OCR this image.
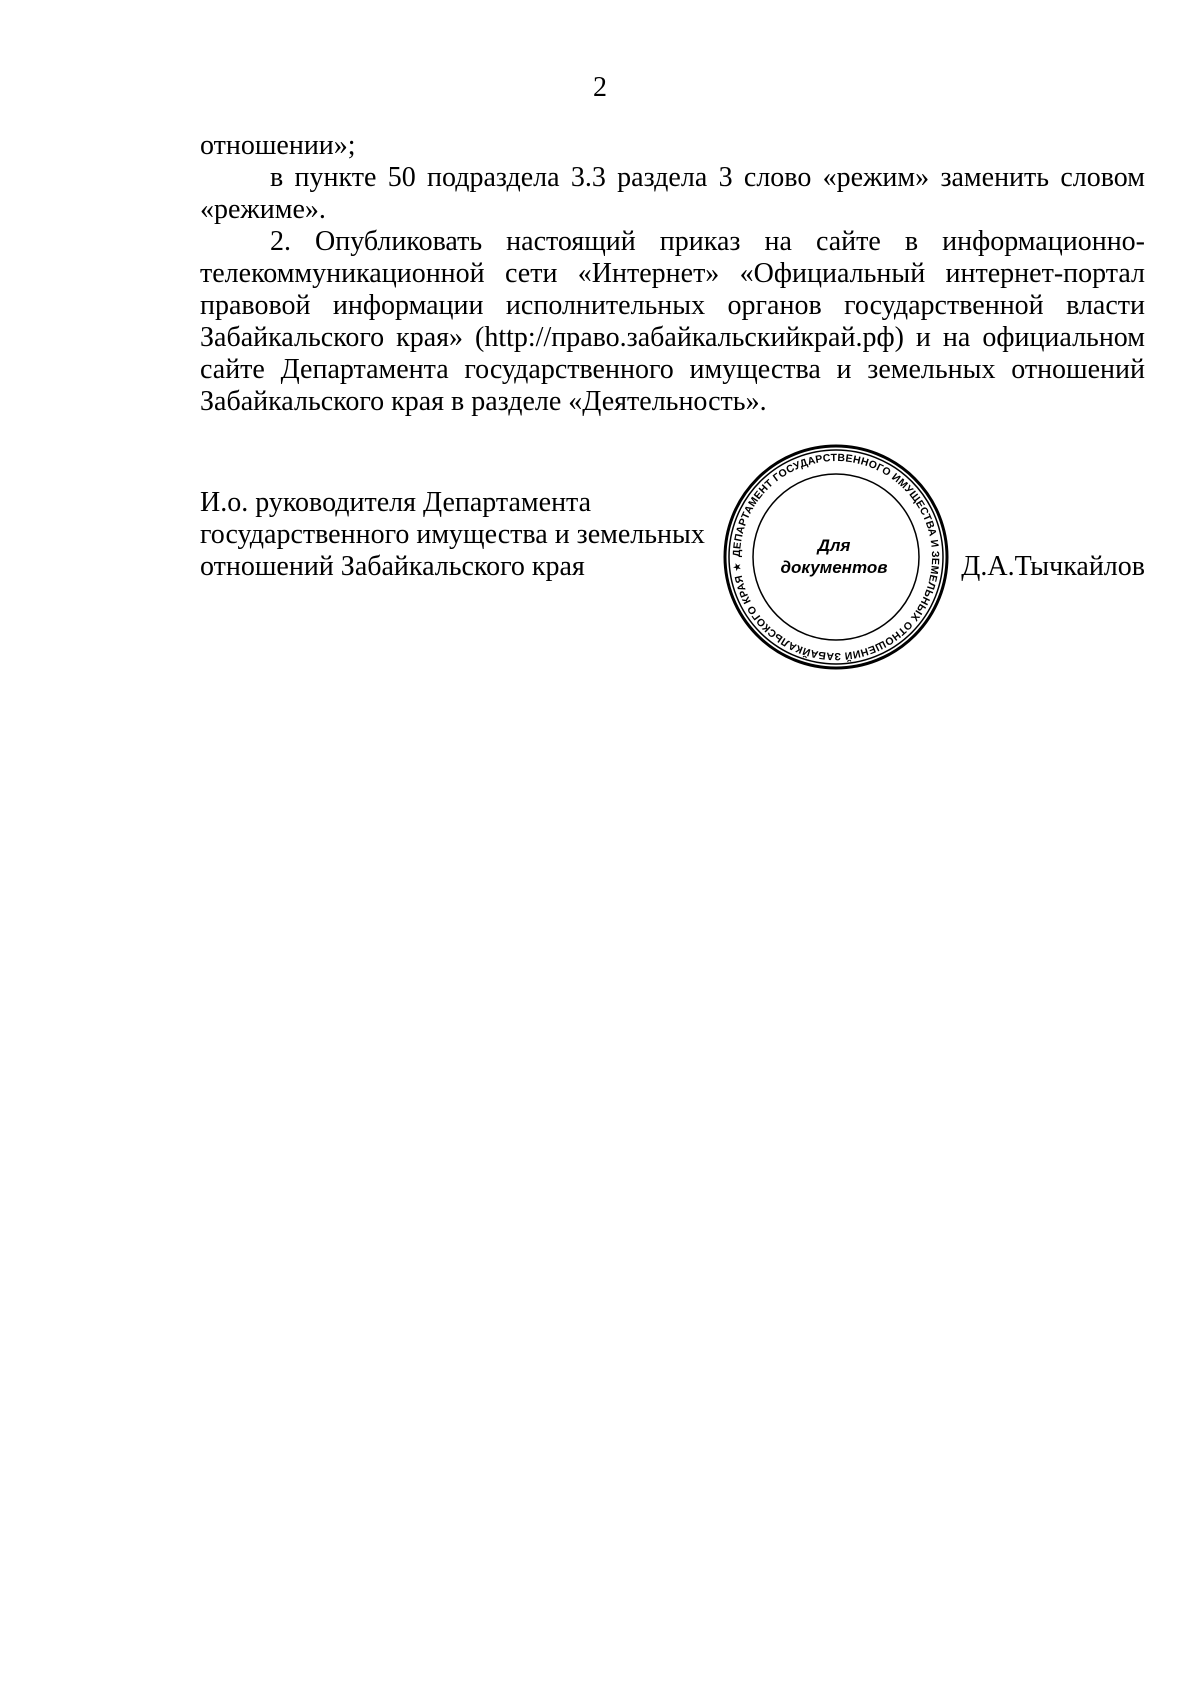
2

отношении»;

в пункте 50 подраздела 3.3 раздела 3 слово «режим» заменить словом «режиме».

2. Опубликовать настоящий приказ на сайте в информационно-телекоммуникационной сети «Интернет» «Официальный интернет-портал правовой информации исполнительных органов государственной власти Забайкальского края» (http://право.забайкальскийкрай.рф) и на официальном сайте Департамента государственного имущества и земельных отношений Забайкальского края в разделе «Деятельность».

И.о. руководителя Департамента
государственного имущества и земельных
отношений Забайкальского края	ДЕПАРТАМЕНТ ГОСУДАРСТВЕННОГО ИМУЩЕСТВА И ЗЕМЕЛЬНЫХ ОТНОШЕНИЙ ЗАБАЙКАЛЬСКОГО КРАЯ ★
Для
документов	Д.А.Тычкайлов
